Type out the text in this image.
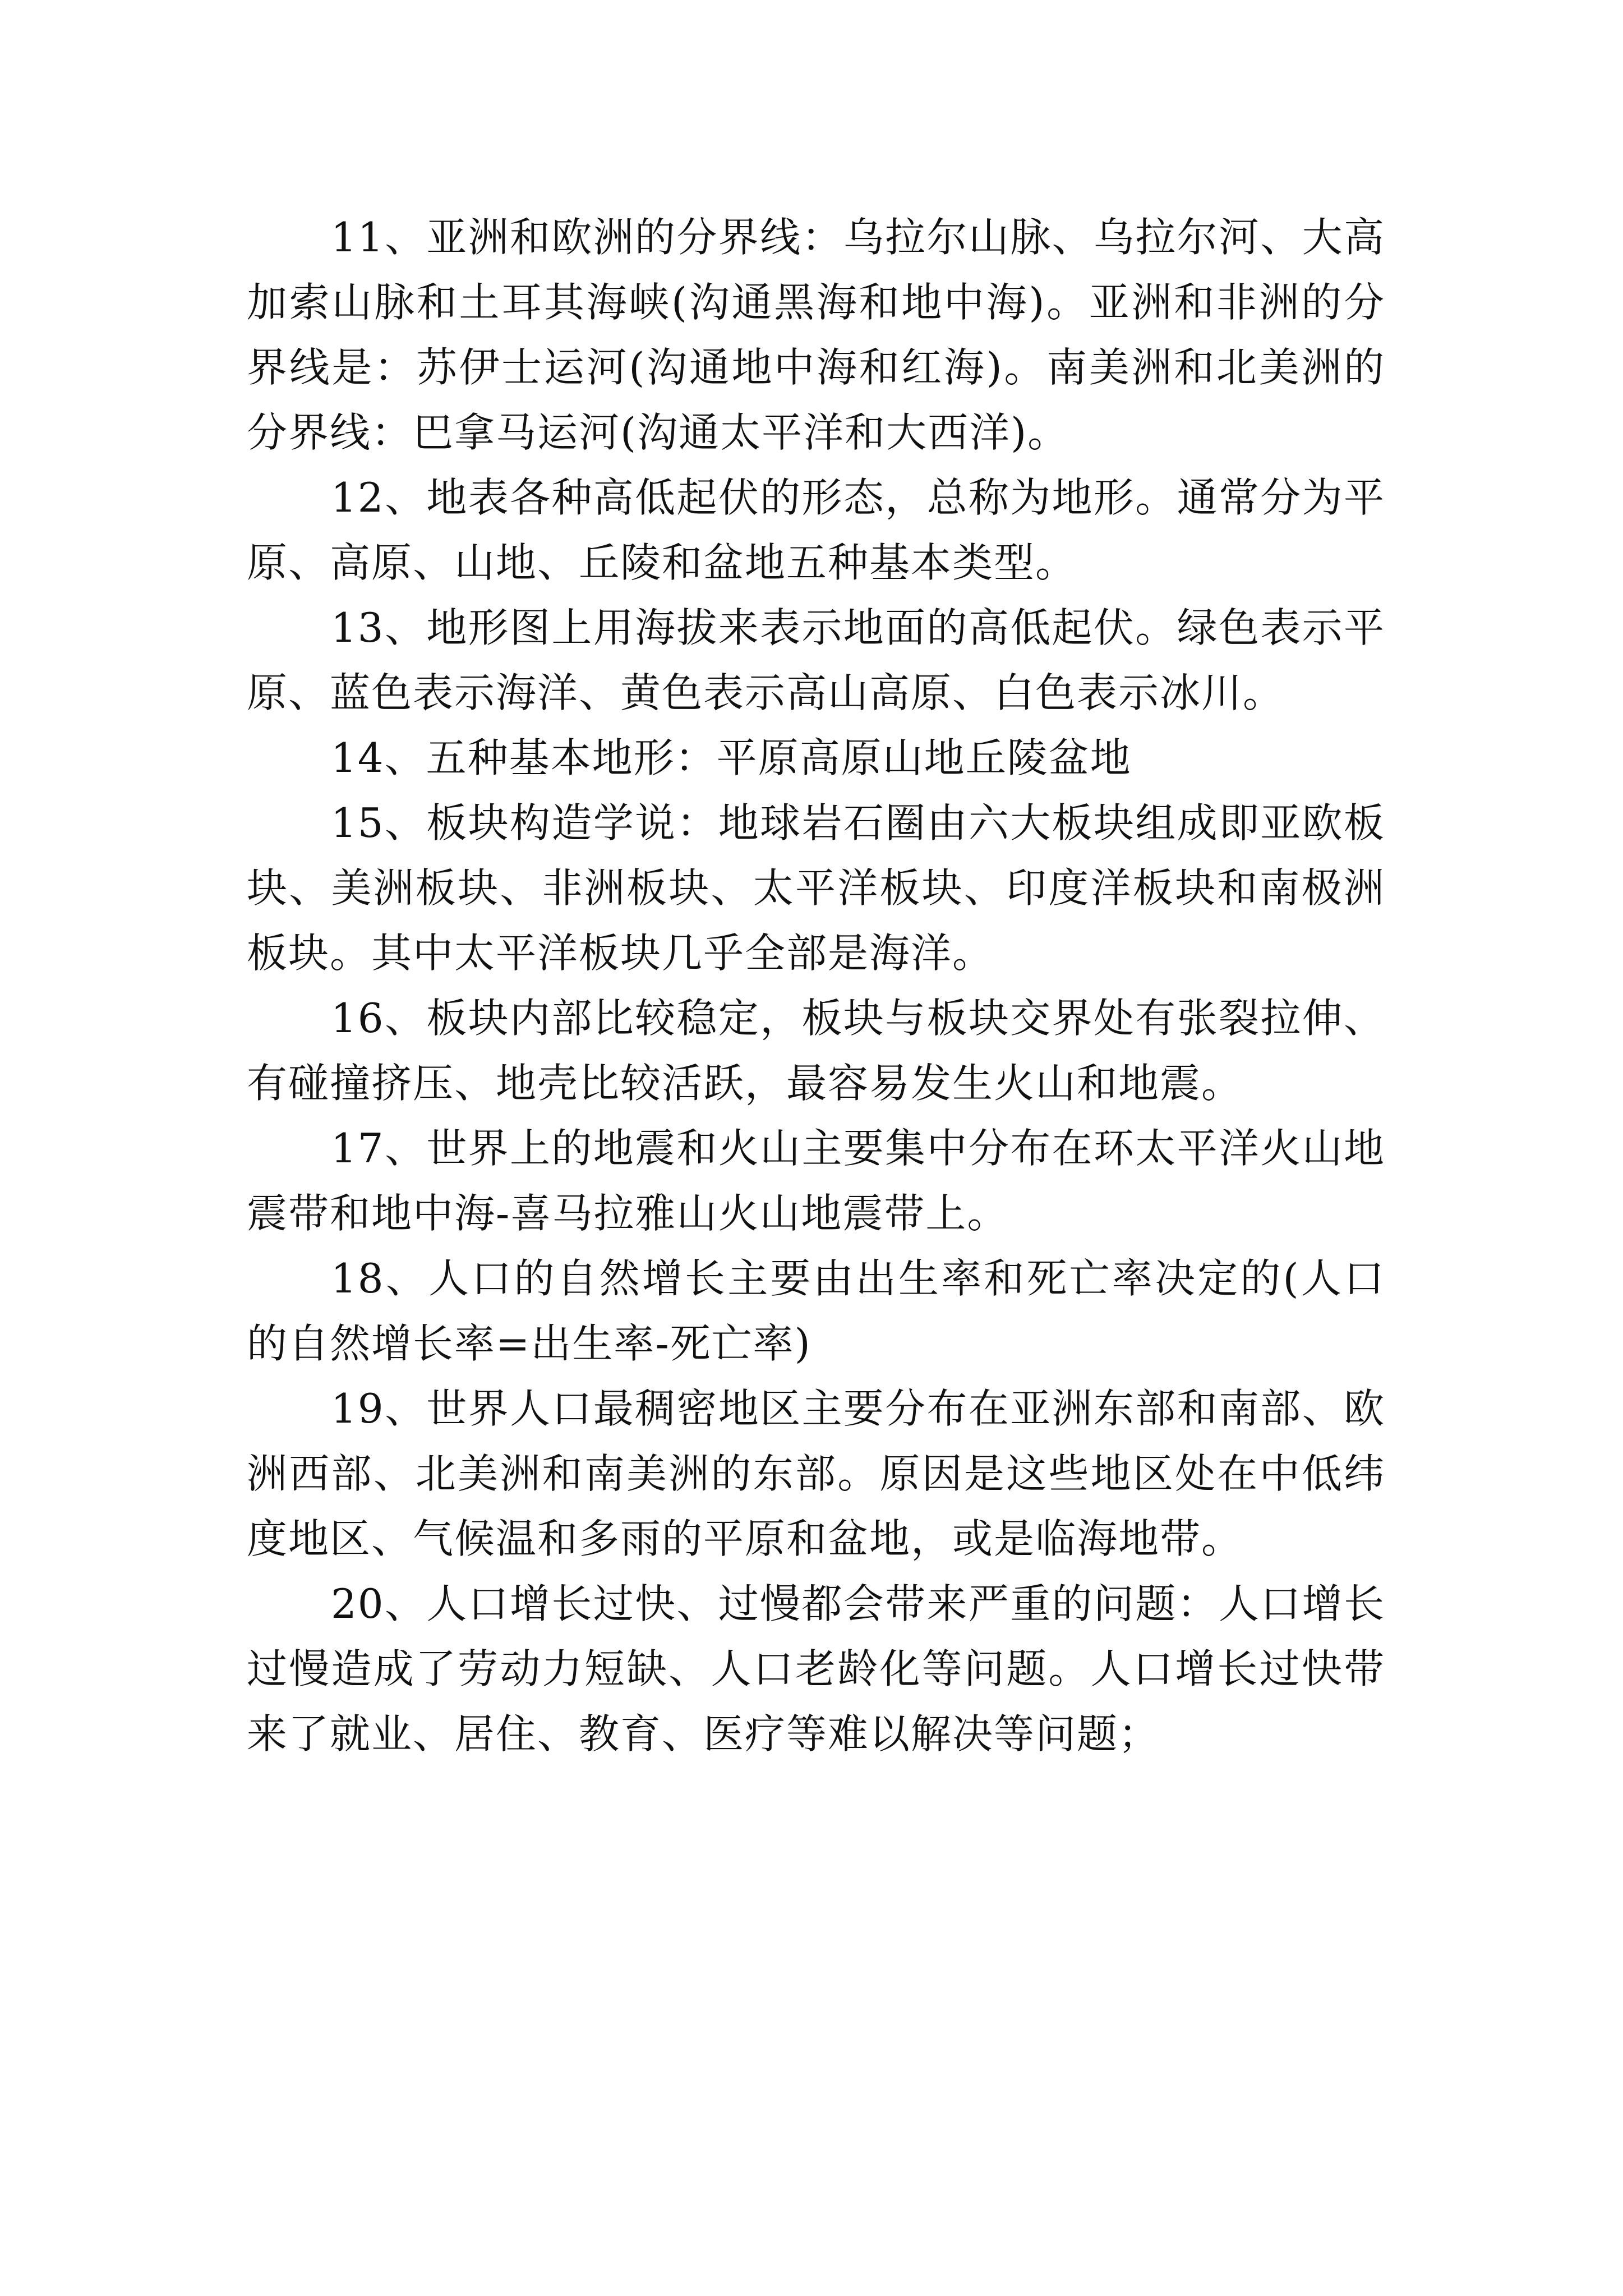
11、亚洲和欧洲的分界线：乌拉尔山脉、乌拉尔河、大高加索山脉和土耳其海峡(沟通黑海和地中海)。亚洲和非洲的分界线是：苏伊士运河(沟通地中海和红海)。南美洲和北美洲的分界线：巴拿马运河(沟通太平洋和大西洋)。

12、地表各种高低起伏的形态，总称为地形。通常分为平原、高原、山地、丘陵和盆地五种基本类型。

13、地形图上用海拔来表示地面的高低起伏。绿色表示平原、蓝色表示海洋、黄色表示高山高原、白色表示冰川。

14、五种基本地形：平原高原山地丘陵盆地

15、板块构造学说：地球岩石圈由六大板块组成即亚欧板块、美洲板块、非洲板块、太平洋板块、印度洋板块和南极洲板块。其中太平洋板块几乎全部是海洋。

16、板块内部比较稳定，板块与板块交界处有张裂拉伸、有碰撞挤压、地壳比较活跃，最容易发生火山和地震。

17、世界上的地震和火山主要集中分布在环太平洋火山地震带和地中海-喜马拉雅山火山地震带上。

18、人口的自然增长主要由出生率和死亡率决定的(人口的自然增长率=出生率-死亡率)

19、世界人口最稠密地区主要分布在亚洲东部和南部、欧洲西部、北美洲和南美洲的东部。原因是这些地区处在中低纬度地区、气候温和多雨的平原和盆地，或是临海地带。

20、人口增长过快、过慢都会带来严重的问题：人口增长过慢造成了劳动力短缺、人口老龄化等问题。人口增长过快带来了就业、居住、教育、医疗等难以解决等问题；
